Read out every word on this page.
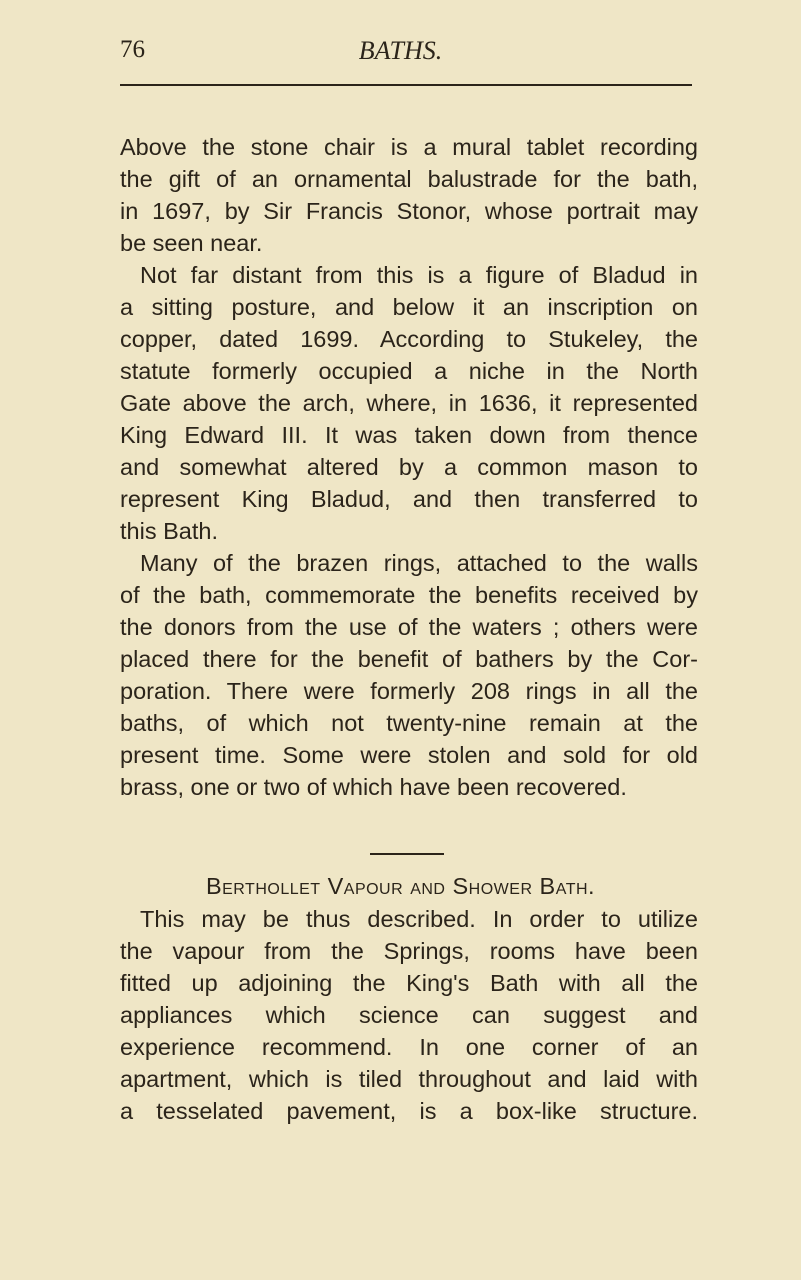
76	BATHS.
Above the stone chair is a mural tablet recording
the gift of an ornamental balustrade for the bath,
in 1697, by Sir Francis Stonor, whose portrait may
be seen near.
Not far distant from this is a figure of Bladud in
a sitting posture, and below it an inscription on
copper, dated 1699. According to Stukeley, the
statute formerly occupied a niche in the North
Gate above the arch, where, in 1636, it represented
King Edward III. It was taken down from thence
and somewhat altered by a common mason to
represent King Bladud, and then transferred to
this Bath.
Many of the brazen rings, attached to the walls
of the bath, commemorate the benefits received by
the donors from the use of the waters ; others were
placed there for the benefit of bathers by the Cor-
poration. There were formerly 208 rings in all the
baths, of which not twenty-nine remain at the
present time. Some were stolen and sold for old
brass, one or two of which have been recovered.
Berthollet Vapour and Shower Bath.
This may be thus described. In order to utilize
the vapour from the Springs, rooms have been
fitted up adjoining the King's Bath with all the
appliances which science can suggest and
experience recommend. In one corner of an
apartment, which is tiled throughout and laid with
a tesselated pavement, is a box-like structure.
